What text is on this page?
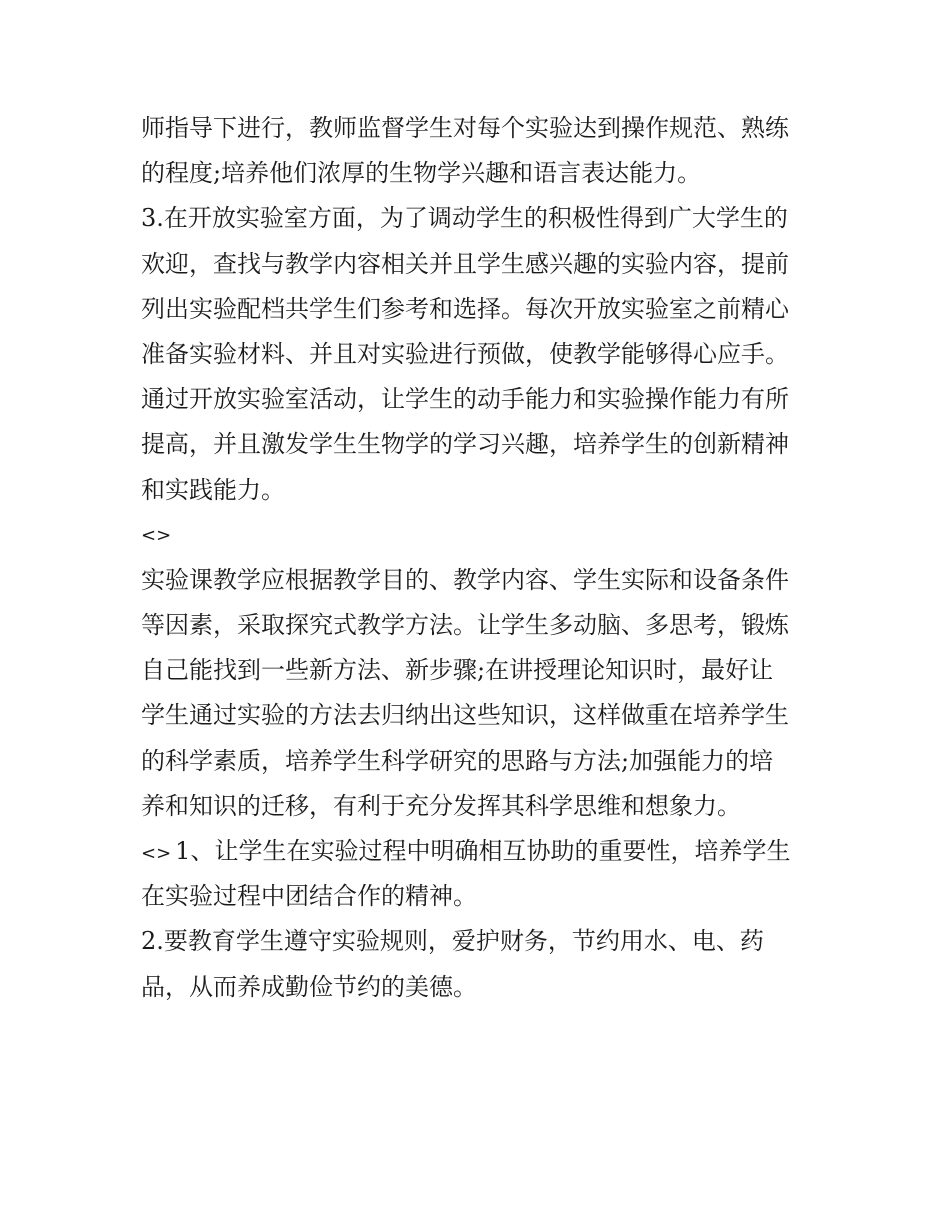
师指导下进行，教师监督学生对每个实验达到操作规范、熟练
的程度;培养他们浓厚的生物学兴趣和语言表达能力。
3.在开放实验室方面，为了调动学生的积极性得到广大学生的
欢迎，查找与教学内容相关并且学生感兴趣的实验内容，提前
列出实验配档共学生们参考和选择。每次开放实验室之前精心
准备实验材料、并且对实验进行预做，使教学能够得心应手。
通过开放实验室活动，让学生的动手能力和实验操作能力有所
提高，并且激发学生生物学的学习兴趣，培养学生的创新精神
和实践能力。
<>
实验课教学应根据教学目的、教学内容、学生实际和设备条件
等因素，采取探究式教学方法。让学生多动脑、多思考，锻炼
自己能找到一些新方法、新步骤;在讲授理论知识时，最好让
学生通过实验的方法去归纳出这些知识，这样做重在培养学生
的科学素质，培养学生科学研究的思路与方法;加强能力的培
养和知识的迁移，有利于充分发挥其科学思维和想象力。
<> 1、让学生在实验过程中明确相互协助的重要性，培养学生
在实验过程中团结合作的精神。
2.要教育学生遵守实验规则，爱护财务，节约用水、电、药
品，从而养成勤俭节约的美德。
